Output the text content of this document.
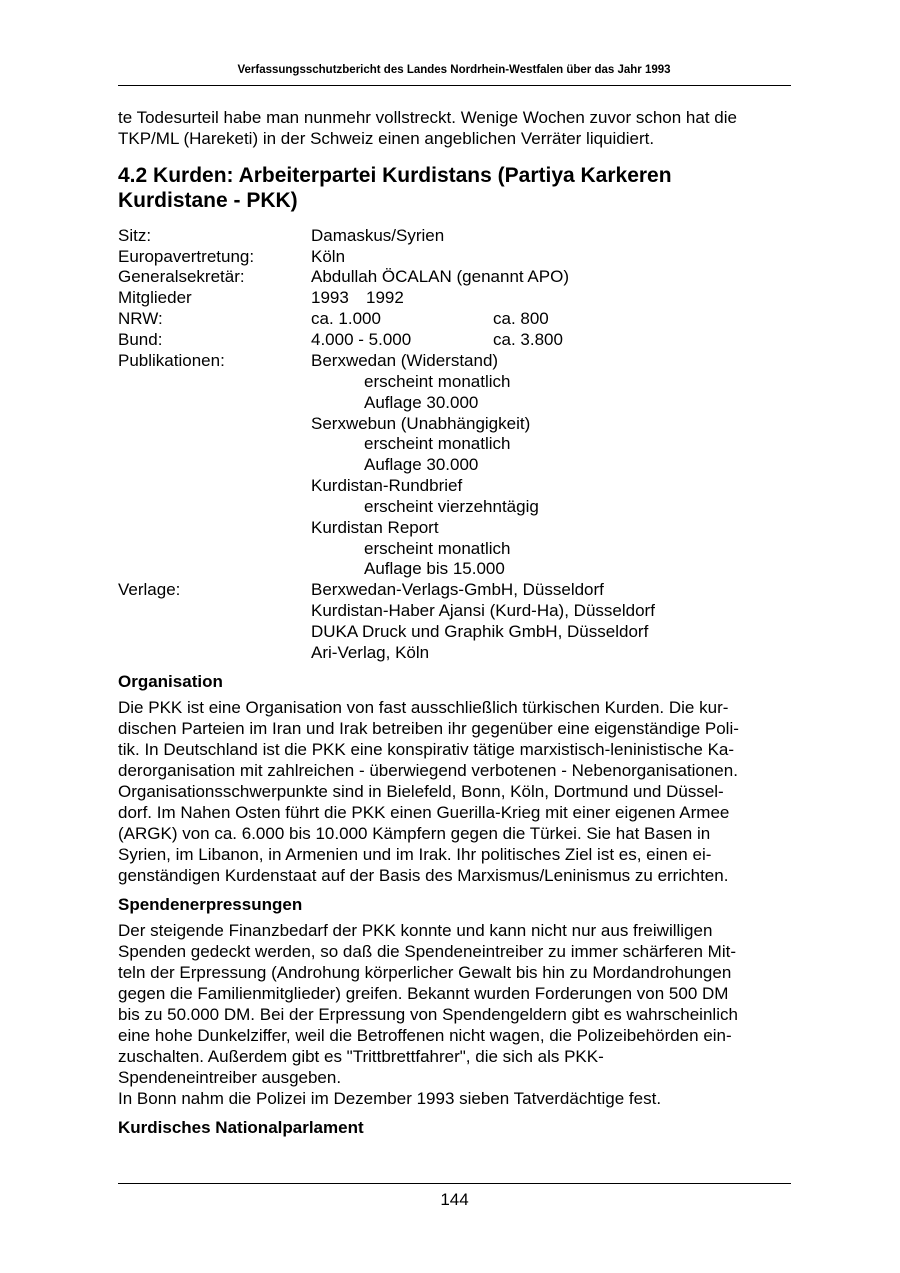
Verfassungsschutzbericht des Landes Nordrhein-Westfalen über das Jahr 1993
te Todesurteil habe man nunmehr vollstreckt. Wenige Wochen zuvor schon hat die
TKP/ML (Hareketi) in der Schweiz einen angeblichen Verräter liquidiert.
4.2 Kurden: Arbeiterpartei Kurdistans (Partiya Karkeren
Kurdistane - PKK)
Sitz:	Damaskus/Syrien
Europavertretung:	Köln
Generalsekretär:	Abdullah ÖCALAN (genannt APO)
Mitglieder	1993 1992
NRW:	ca. 1.000	ca. 800
Bund:	4.000 - 5.000	ca. 3.800
Publikationen:	Berxwedan (Widerstand)
erscheint monatlich
Auflage 30.000
Serxwebun (Unabhängigkeit)
erscheint monatlich
Auflage 30.000
Kurdistan-Rundbrief
erscheint vierzehntägig
Kurdistan Report
erscheint monatlich
Auflage bis 15.000
Verlage:	Berxwedan-Verlags-GmbH, Düsseldorf
Kurdistan-Haber Ajansi (Kurd-Ha), Düsseldorf
DUKA Druck und Graphik GmbH, Düsseldorf
Ari-Verlag, Köln
Organisation
Die PKK ist eine Organisation von fast ausschließlich türkischen Kurden. Die kur-
dischen Parteien im Iran und Irak betreiben ihr gegenüber eine eigenständige Poli-
tik. In Deutschland ist die PKK eine konspirativ tätige marxistisch-leninistische Ka-
derorganisation mit zahlreichen - überwiegend verbotenen - Nebenorganisationen.
Organisationsschwerpunkte sind in Bielefeld, Bonn, Köln, Dortmund und Düssel-
dorf. Im Nahen Osten führt die PKK einen Guerilla-Krieg mit einer eigenen Armee
(ARGK) von ca. 6.000 bis 10.000 Kämpfern gegen die Türkei. Sie hat Basen in
Syrien, im Libanon, in Armenien und im Irak. Ihr politisches Ziel ist es, einen ei-
genständigen Kurdenstaat auf der Basis des Marxismus/Leninismus zu errichten.
Spendenerpressungen
Der steigende Finanzbedarf der PKK konnte und kann nicht nur aus freiwilligen
Spenden gedeckt werden, so daß die Spendeneintreiber zu immer schärferen Mit-
teln der Erpressung (Androhung körperlicher Gewalt bis hin zu Mordandrohungen
gegen die Familienmitglieder) greifen. Bekannt wurden Forderungen von 500 DM
bis zu 50.000 DM. Bei der Erpressung von Spendengeldern gibt es wahrscheinlich
eine hohe Dunkelziffer, weil die Betroffenen nicht wagen, die Polizeibehörden ein-
zuschalten. Außerdem gibt es "Trittbrettfahrer", die sich als PKK-
Spendeneintreiber ausgeben.
In Bonn nahm die Polizei im Dezember 1993 sieben Tatverdächtige fest.
Kurdisches Nationalparlament
144
